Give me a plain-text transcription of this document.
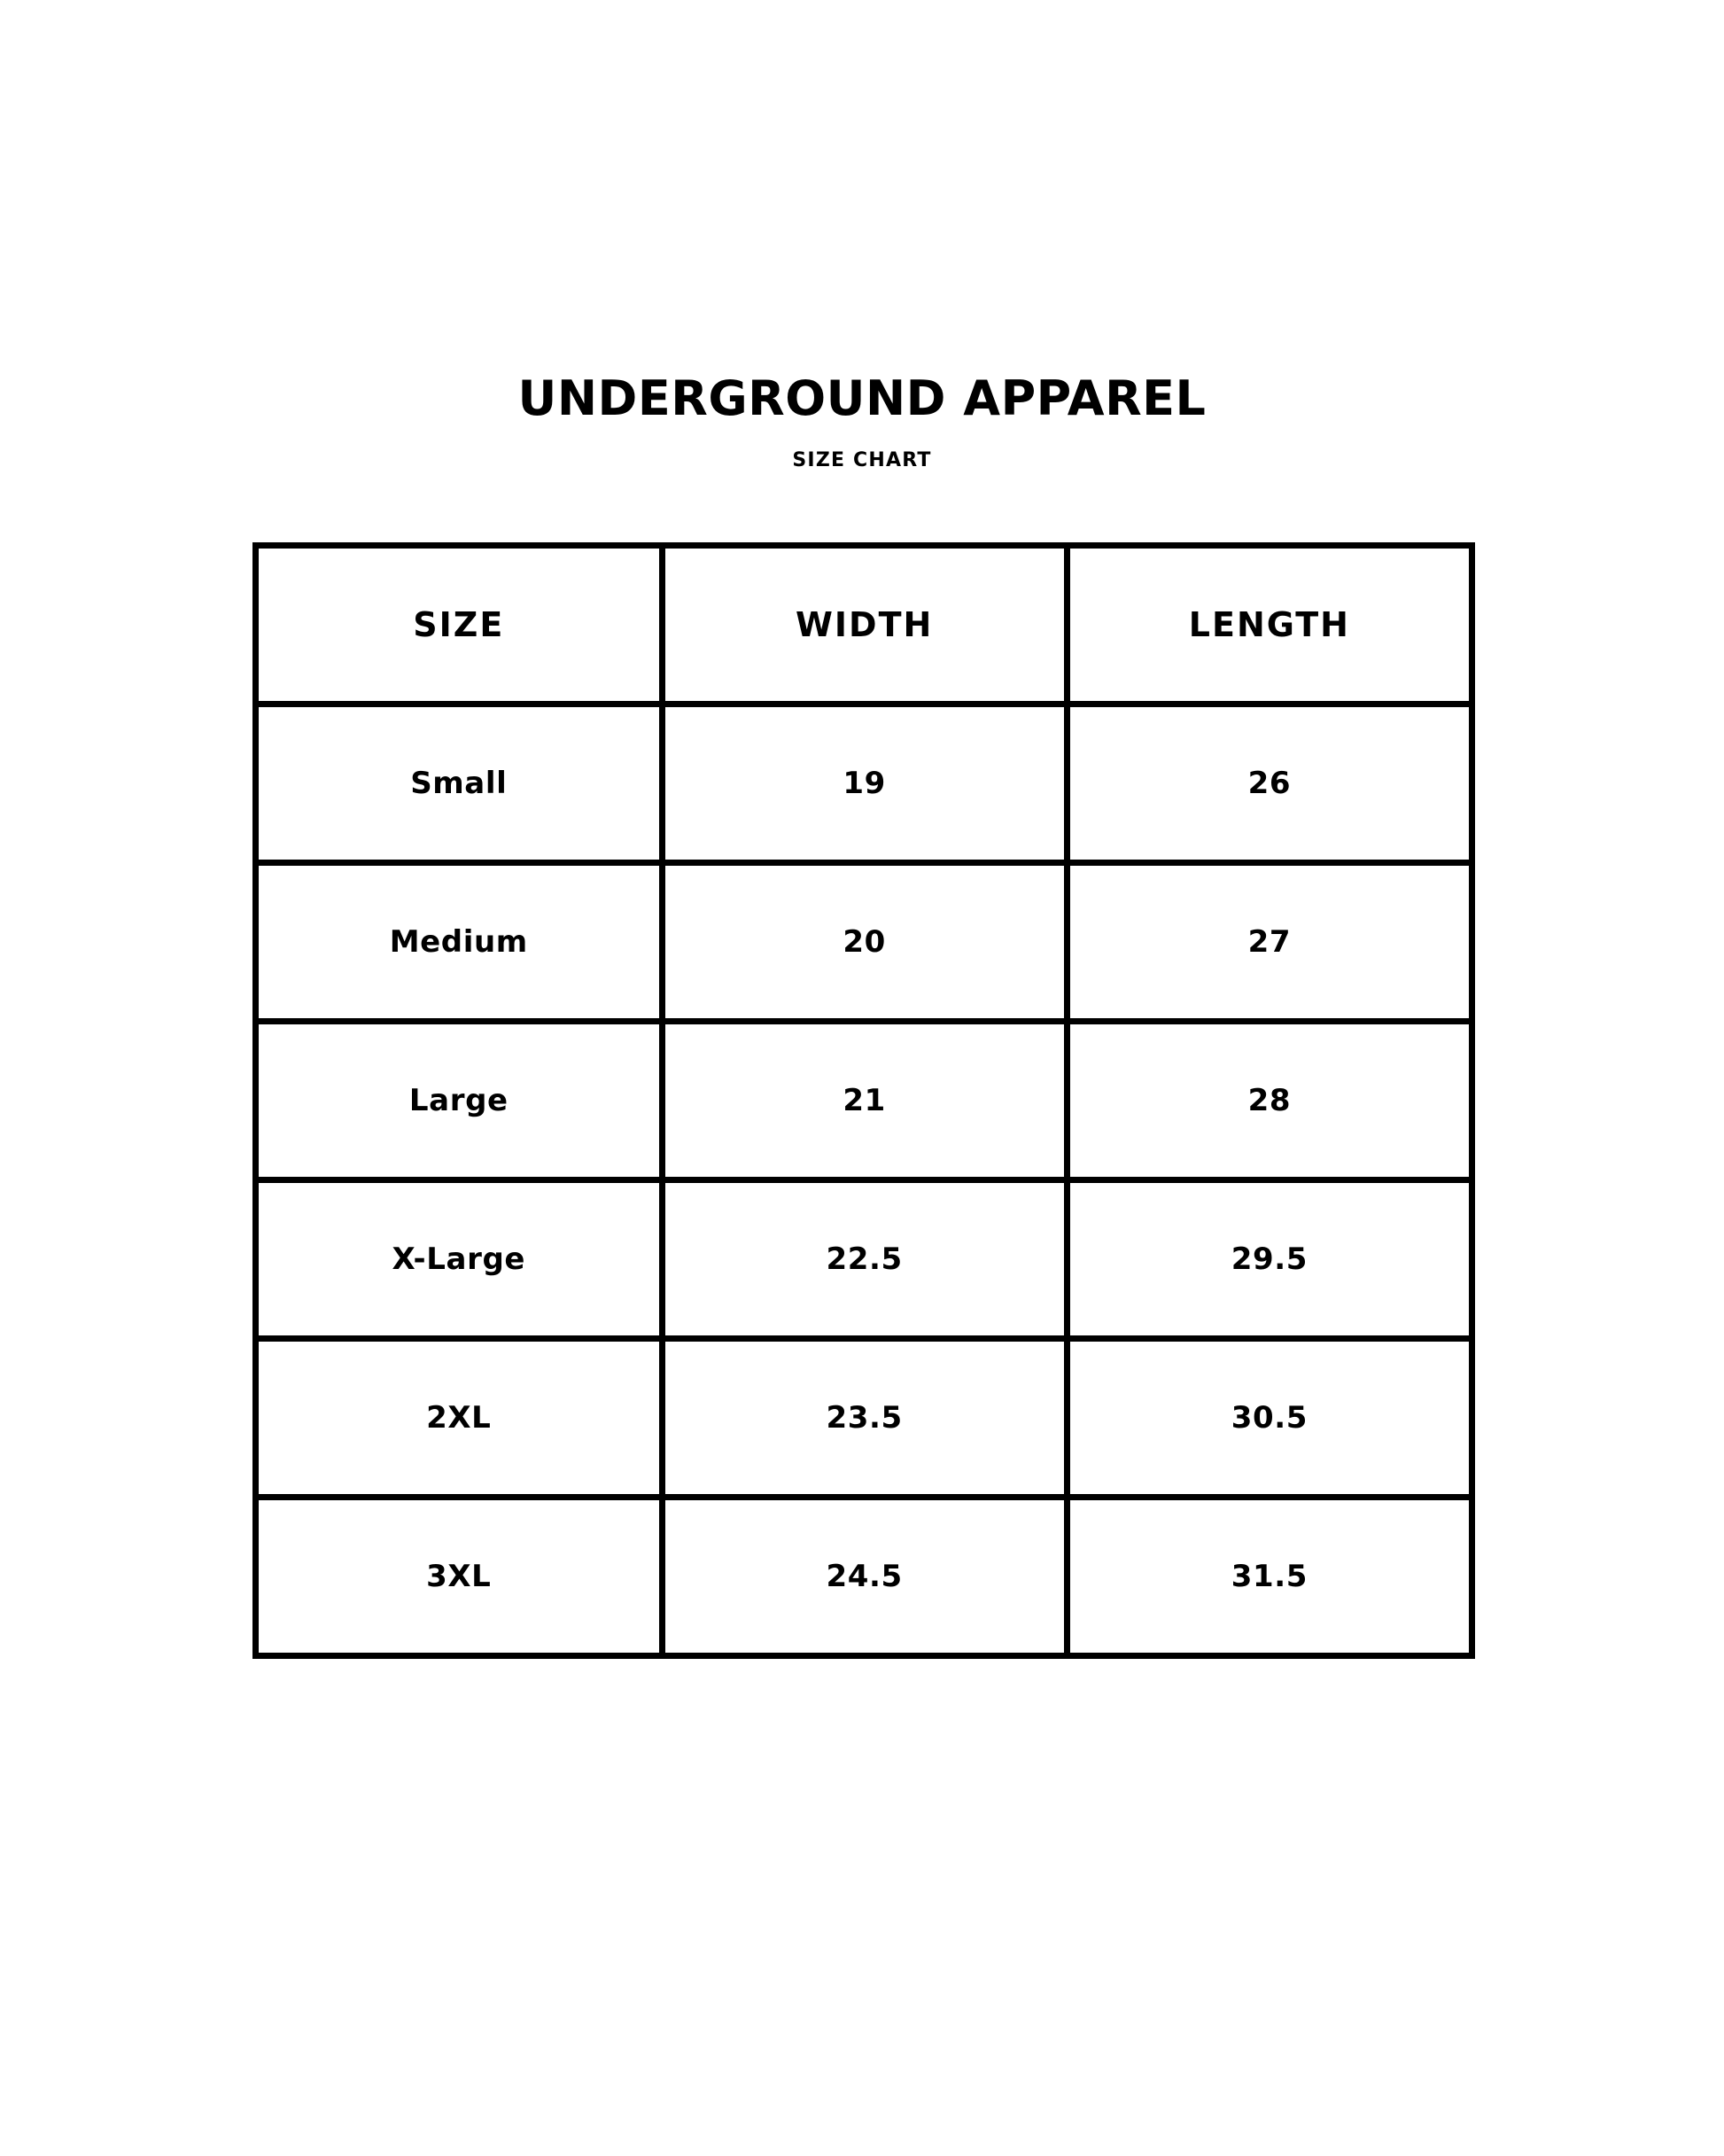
UNDERGROUND APPAREL
SIZE CHART
SIZE	WIDTH	LENGTH
Small	19	26
Medium	20	27
Large	21	28
X-Large	22.5	29.5
2XL	23.5	30.5
3XL	24.5	31.5
